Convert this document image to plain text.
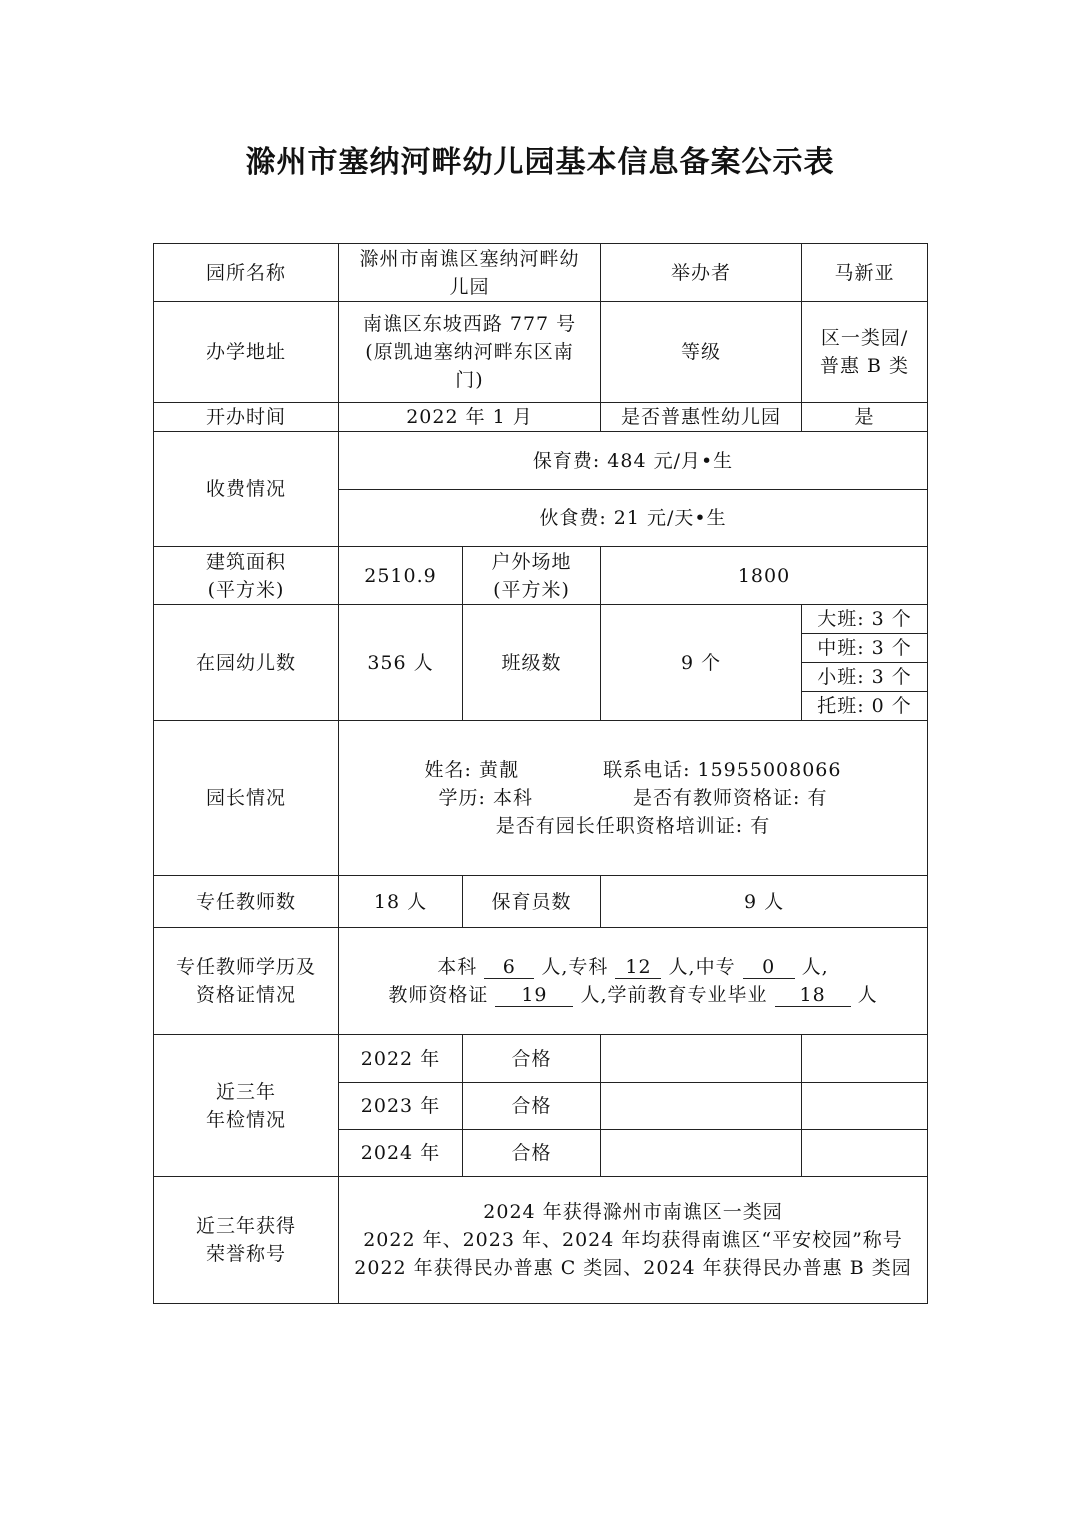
滁州市塞纳河畔幼儿园基本信息备案公示表
园所名称	滁州市南谯区塞纳河畔幼
儿园		举办者	马新亚
办学地址	南谯区东坡西路 777 号
(原凯迪塞纳河畔东区南
门)		等级	区一类园/
普惠 B 类

开办时间	2022 年 1 月		是否普惠性幼儿园	是
收费情况	保育费: 484 元/月•生			
	伙食费: 21 元/天•生			

建筑面积
(平方米)	2510.9	户外场地
(平方米)	1800	
在园幼儿数	356 人	班级数	9 个	大班: 3 个
				中班: 3 个
				小班: 3 个
				托班: 0 个
园长情况	姓名: 黄靓 联系电话: 15955008066
学历: 本科 是否有教师资格证: 有
是否有园长任职资格培训证: 有			

专任教师数	18 人	保育员数	9 人	

专任教师学历及
资格证情况	本科 6 人,专科 12 人,中专 0 人,
教师资格证 19 人,学前教育专业毕业 18 人			

近三年
年检情况	2022 年	合格		
	2023 年	合格		
	2024 年	合格		

近三年获得
荣誉称号	2024 年获得滁州市南谯区一类园
2022 年、2023 年、2024 年均获得南谯区“平安校园”称号
2022 年获得民办普惠 C 类园、2024 年获得民办普惠 B 类园			
